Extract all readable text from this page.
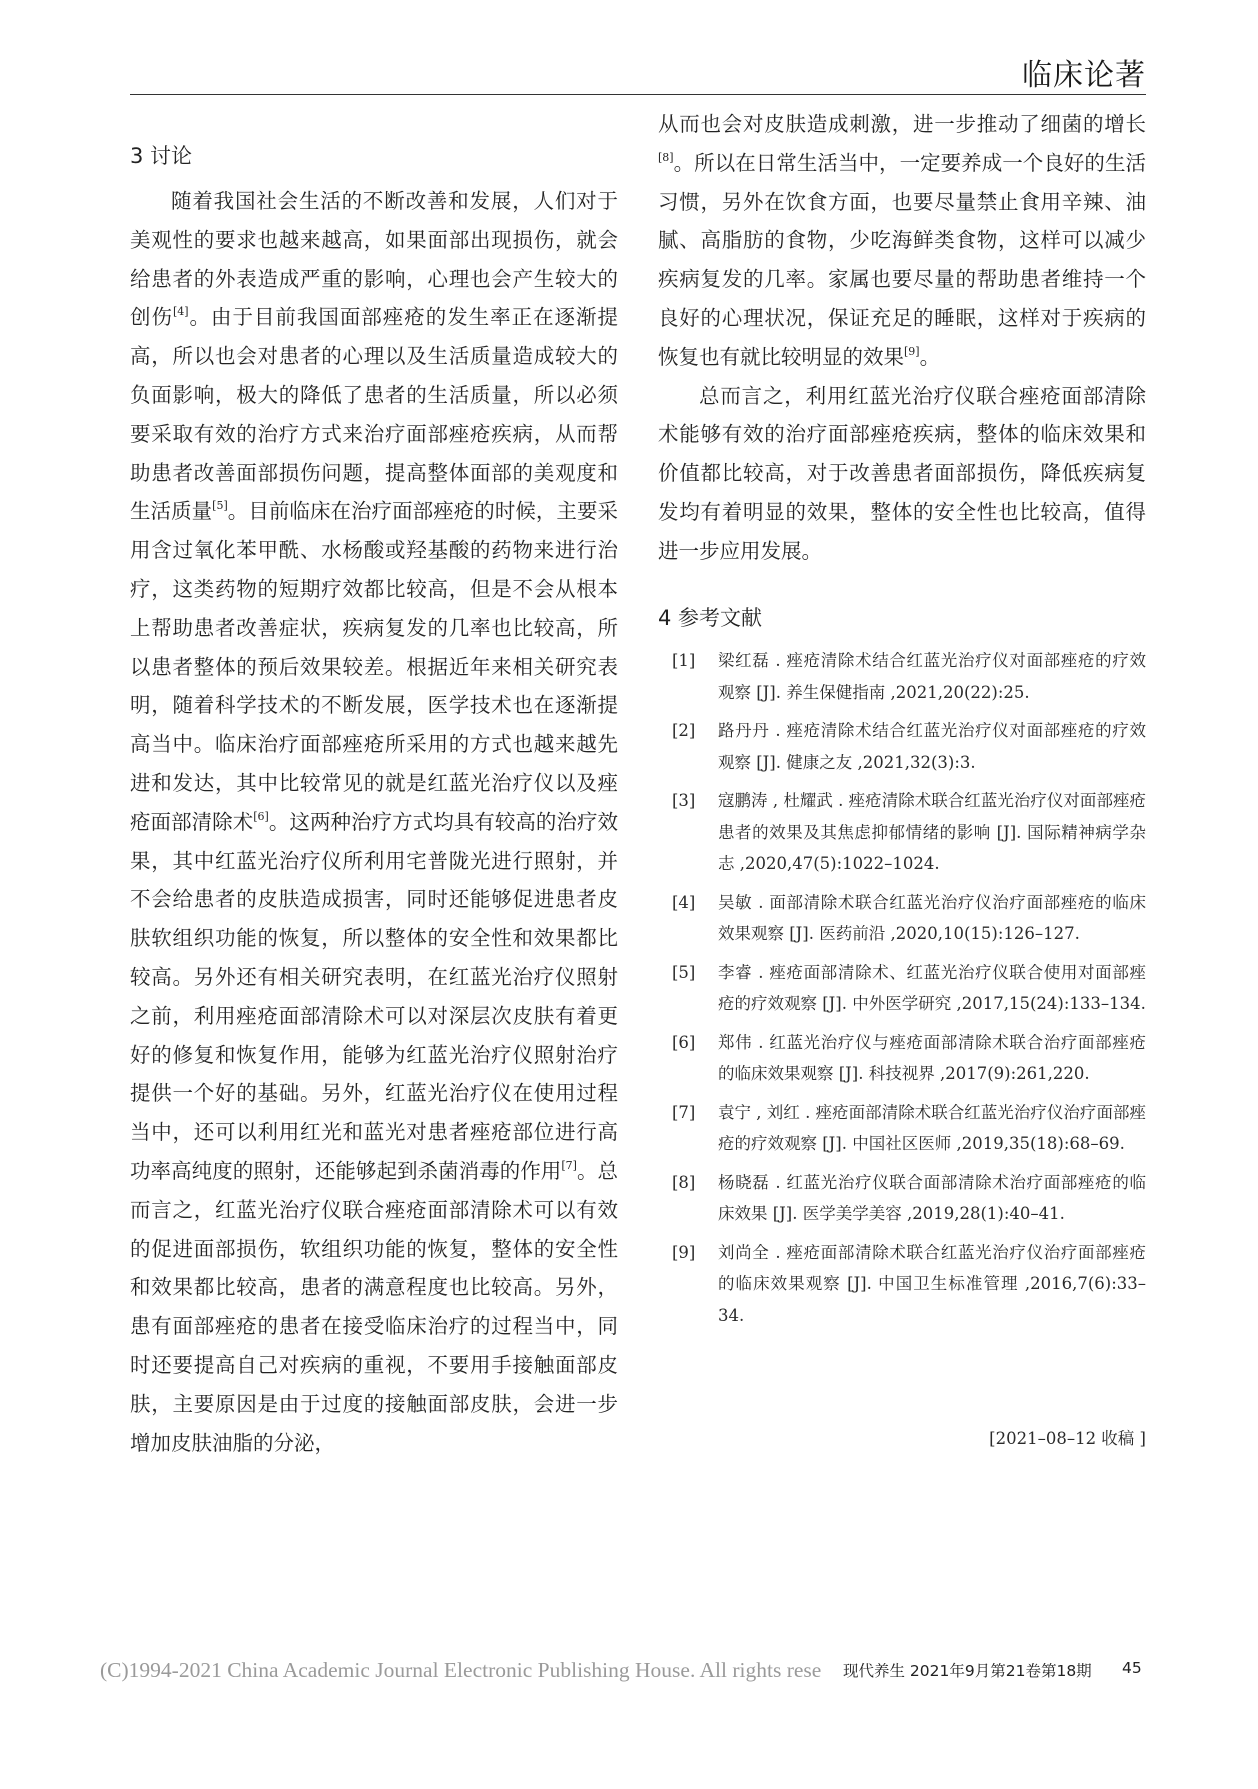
临床论著
3 讨论

随着我国社会生活的不断改善和发展，人们对于美观性的要求也越来越高，如果面部出现损伤，就会给患者的外表造成严重的影响，心理也会产生较大的创伤[4]。由于目前我国面部痤疮的发生率正在逐渐提高，所以也会对患者的心理以及生活质量造成较大的负面影响，极大的降低了患者的生活质量，所以必须要采取有效的治疗方式来治疗面部痤疮疾病，从而帮助患者改善面部损伤问题，提高整体面部的美观度和生活质量[5]。目前临床在治疗面部痤疮的时候，主要采用含过氧化苯甲酰、水杨酸或羟基酸的药物来进行治疗，这类药物的短期疗效都比较高，但是不会从根本上帮助患者改善症状，疾病复发的几率也比较高，所以患者整体的预后效果较差。根据近年来相关研究表明，随着科学技术的不断发展，医学技术也在逐渐提高当中。临床治疗面部痤疮所采用的方式也越来越先进和发达，其中比较常见的就是红蓝光治疗仪以及痤疮面部清除术[6]。这两种治疗方式均具有较高的治疗效果，其中红蓝光治疗仪所利用宅普陇光进行照射，并不会给患者的皮肤造成损害，同时还能够促进患者皮肤软组织功能的恢复，所以整体的安全性和效果都比较高。另外还有相关研究表明，在红蓝光治疗仪照射之前，利用痤疮面部清除术可以对深层次皮肤有着更好的修复和恢复作用，能够为红蓝光治疗仪照射治疗提供一个好的基础。另外，红蓝光治疗仪在使用过程当中，还可以利用红光和蓝光对患者痤疮部位进行高功率高纯度的照射，还能够起到杀菌消毒的作用[7]。总而言之，红蓝光治疗仪联合痤疮面部清除术可以有效的促进面部损伤，软组织功能的恢复，整体的安全性和效果都比较高，患者的满意程度也比较高。另外，患有面部痤疮的患者在接受临床治疗的过程当中，同时还要提高自己对疾病的重视，不要用手接触面部皮肤，主要原因是由于过度的接触面部皮肤，会进一步增加皮肤油脂的分泌，

从而也会对皮肤造成刺激，进一步推动了细菌的增长[8]。所以在日常生活当中，一定要养成一个良好的生活习惯，另外在饮食方面，也要尽量禁止食用辛辣、油腻、高脂肪的食物，少吃海鲜类食物，这样可以减少疾病复发的几率。家属也要尽量的帮助患者维持一个良好的心理状况，保证充足的睡眠，这样对于疾病的恢复也有就比较明显的效果[9]。

总而言之，利用红蓝光治疗仪联合痤疮面部清除术能够有效的治疗面部痤疮疾病，整体的临床效果和价值都比较高，对于改善患者面部损伤，降低疾病复发均有着明显的效果，整体的安全性也比较高，值得进一步应用发展。

4 参考文献
[1]	梁红磊 . 痤疮清除术结合红蓝光治疗仪对面部痤疮的疗效观察 [J]. 养生保健指南 ,2021,20(22):25.
[2]	路丹丹 . 痤疮清除术结合红蓝光治疗仪对面部痤疮的疗效观察 [J]. 健康之友 ,2021,32(3):3.
[3]	寇鹏涛 , 杜耀武 . 痤疮清除术联合红蓝光治疗仪对面部痤疮患者的效果及其焦虑抑郁情绪的影响 [J]. 国际精神病学杂志 ,2020,47(5):1022–1024.
[4]	吴敏 . 面部清除术联合红蓝光治疗仪治疗面部痤疮的临床效果观察 [J]. 医药前沿 ,2020,10(15):126–127.
[5]	李睿 . 痤疮面部清除术、红蓝光治疗仪联合使用对面部痤疮的疗效观察 [J]. 中外医学研究 ,2017,15(24):133–134.
[6]	郑伟 . 红蓝光治疗仪与痤疮面部清除术联合治疗面部痤疮的临床效果观察 [J]. 科技视界 ,2017(9):261,220.
[7]	袁宁 , 刘红 . 痤疮面部清除术联合红蓝光治疗仪治疗面部痤疮的疗效观察 [J]. 中国社区医师 ,2019,35(18):68–69.
[8]	杨晓磊 . 红蓝光治疗仪联合面部清除术治疗面部痤疮的临床效果 [J]. 医学美学美容 ,2019,28(1):40–41.
[9]	刘尚全 . 痤疮面部清除术联合红蓝光治疗仪治疗面部痤疮的临床效果观察 [J]. 中国卫生标准管理 ,2016,7(6):33–34.
[2021–08–12 收稿 ]
(C)1994-2021 China Academic Journal Electronic Publishing House. All rights rese 现代养生 2021年9月第21卷第18期 45
